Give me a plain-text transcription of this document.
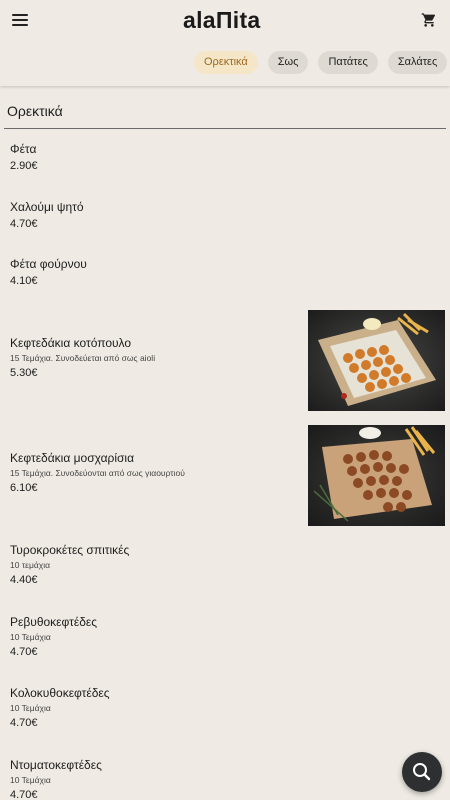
alaΠita
Ορεκτικά	Σως	Πατάτες	Σαλάτες
Ορεκτικά
Φέτα
2.90€
Χαλούμι ψητό
4.70€
Φέτα φούρνου
4.10€
Κεφτεδάκια κοτόπουλο
15 Τεμάχια. Συνοδεύεται από σως aioli
5.30€
Κεφτεδάκια μοσχαρίσια
15 Τεμάχια. Συνοδεύονται από σως γιαουρτιού
6.10€
Τυροκροκέτες σπιτικές
10 τεμάχια
4.40€
Ρεβυθοκεφτέδες
10 Τεμάχια
4.70€
Κολοκυθοκεφτέδες
10 Τεμάχια
4.70€
Ντοματοκεφτέδες
10 Τεμάχια
4.70€
